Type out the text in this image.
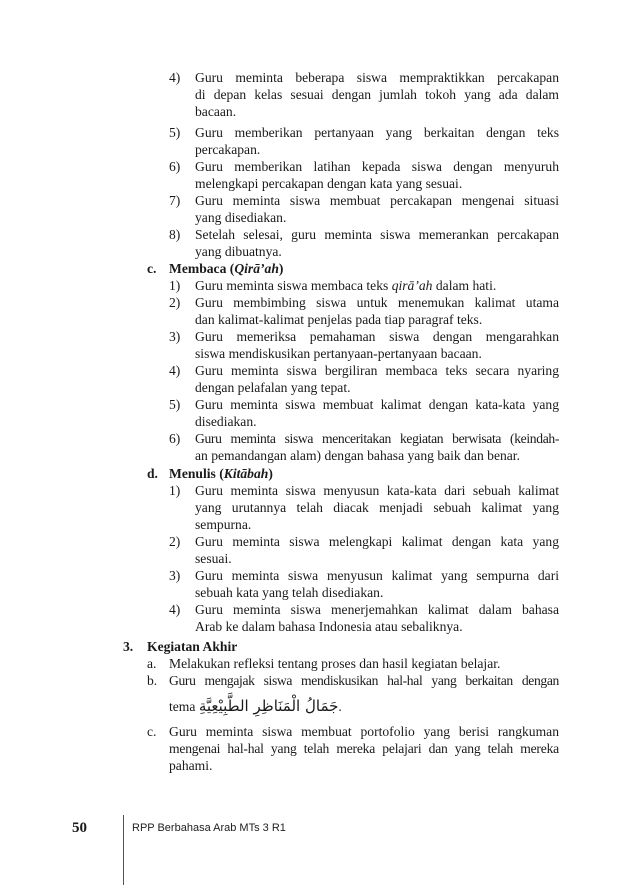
4) Guru meminta beberapa siswa mempraktikkan percakapan
di depan kelas sesuai dengan jumlah tokoh yang ada dalam
bacaan.
5) Guru memberikan pertanyaan yang berkaitan dengan teks
percakapan.
6) Guru memberikan latihan kepada siswa dengan menyuruh
melengkapi percakapan dengan kata yang sesuai.
7) Guru meminta siswa membuat percakapan mengenai situasi
yang disediakan.
8) Setelah selesai, guru meminta siswa memerankan percakapan
yang dibuatnya.
c. Membaca (Qirā’ah)
1) Guru meminta siswa membaca teks qirā’ah dalam hati.
2) Guru membimbing siswa untuk menemukan kalimat utama
dan kalimat-kalimat penjelas pada tiap paragraf teks.
3) Guru memeriksa pemahaman siswa dengan mengarahkan
siswa mendiskusikan pertanyaan-pertanyaan bacaan.
4) Guru meminta siswa bergiliran membaca teks secara nyaring
dengan pelafalan yang tepat.
5) Guru meminta siswa membuat kalimat dengan kata-kata yang
disediakan.
6) Guru meminta siswa menceritakan kegiatan berwisata (keindah-
an pemandangan alam) dengan bahasa yang baik dan benar.
d. Menulis (Kitābah)
1) Guru meminta siswa menyusun kata-kata dari sebuah kalimat
yang urutannya telah diacak menjadi sebuah kalimat yang
sempurna.
2) Guru meminta siswa melengkapi kalimat dengan kata yang
sesuai.
3) Guru meminta siswa menyusun kalimat yang sempurna dari
sebuah kata yang telah disediakan.
4) Guru meminta siswa menerjemahkan kalimat dalam bahasa
Arab ke dalam bahasa Indonesia atau sebaliknya.
3. Kegiatan Akhir
a. Melakukan refleksi tentang proses dan hasil kegiatan belajar.
b. Guru mengajak siswa mendiskusikan hal-hal yang berkaitan dengan
tema جَمَالُ الْمَنَاظِرِ الطَّبِيْعِيَّةِ.
c. Guru meminta siswa membuat portofolio yang berisi rangkuman
mengenai hal-hal yang telah mereka pelajari dan yang telah mereka
pahami.
50	RPP Berbahasa Arab MTs 3 R1
